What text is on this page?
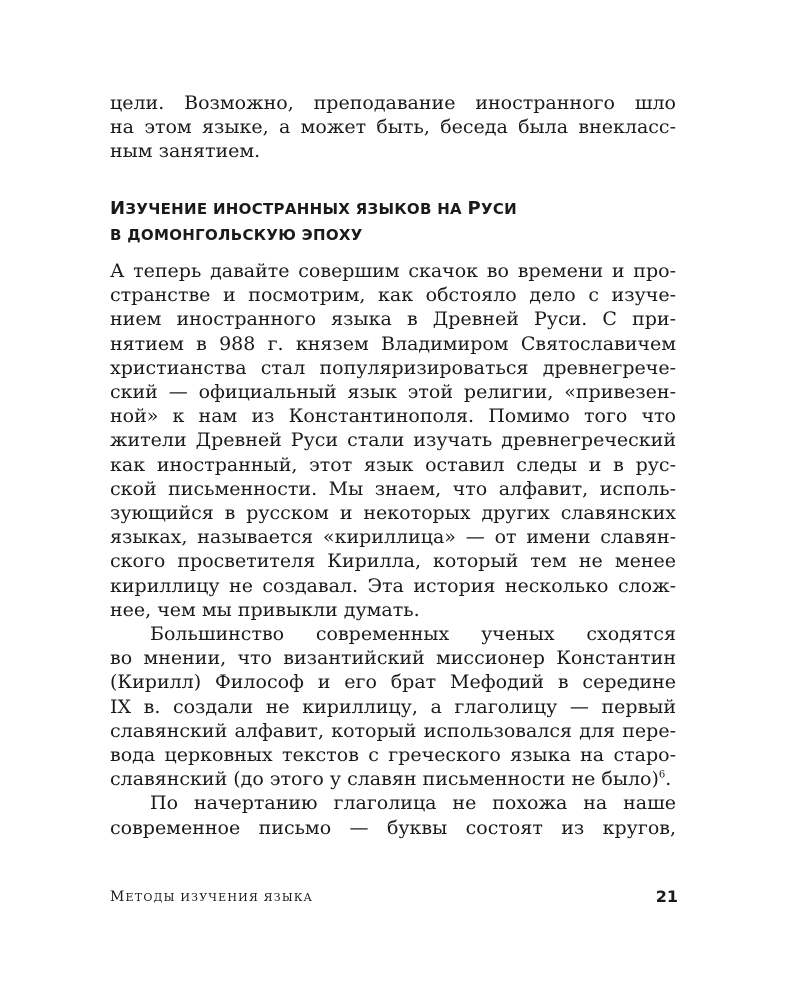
цели. Возможно, преподавание иностранного шло
на этом языке, а может быть, беседа была внекласс-
ным занятием.
ИЗУЧЕНИЕ ИНОСТРАННЫХ ЯЗЫКОВ НА РУСИ
В ДОМОНГОЛЬСКУЮ ЭПОХУ
А теперь давайте совершим скачок во времени и про-
странстве и посмотрим, как обстояло дело с изуче-
нием иностранного языка в Древней Руси. С при-
нятием в 988 г. князем Владимиром Святославичем
христианства стал популяризироваться древнегрече-
ский — официальный язык этой религии, «привезен-
ной» к нам из Константинополя. Помимо того что
жители Древней Руси стали изучать древнегреческий
как иностранный, этот язык оставил следы и в рус-
ской письменности. Мы знаем, что алфавит, исполь-
зующийся в русском и некоторых других славянских
языках, называется «кириллица» — от имени славян-
ского просветителя Кирилла, который тем не менее
кириллицу не создавал. Эта история несколько слож-
нее, чем мы привыкли думать.
Большинство современных ученых сходятся
во мнении, что византийский миссионер Константин
(Кирилл) Философ и его брат Мефодий в середине
IX в. создали не кириллицу, а глаголицу — первый
славянский алфавит, который использовался для пере-
вода церковных текстов с греческого языка на старо-
славянский (до этого у славян письменности не было)$^6$.
По начертанию глаголица не похожа на наше
современное письмо — буквы состоят из кругов,
МЕТОДЫ ИЗУЧЕНИЯ ЯЗЫКА	21
